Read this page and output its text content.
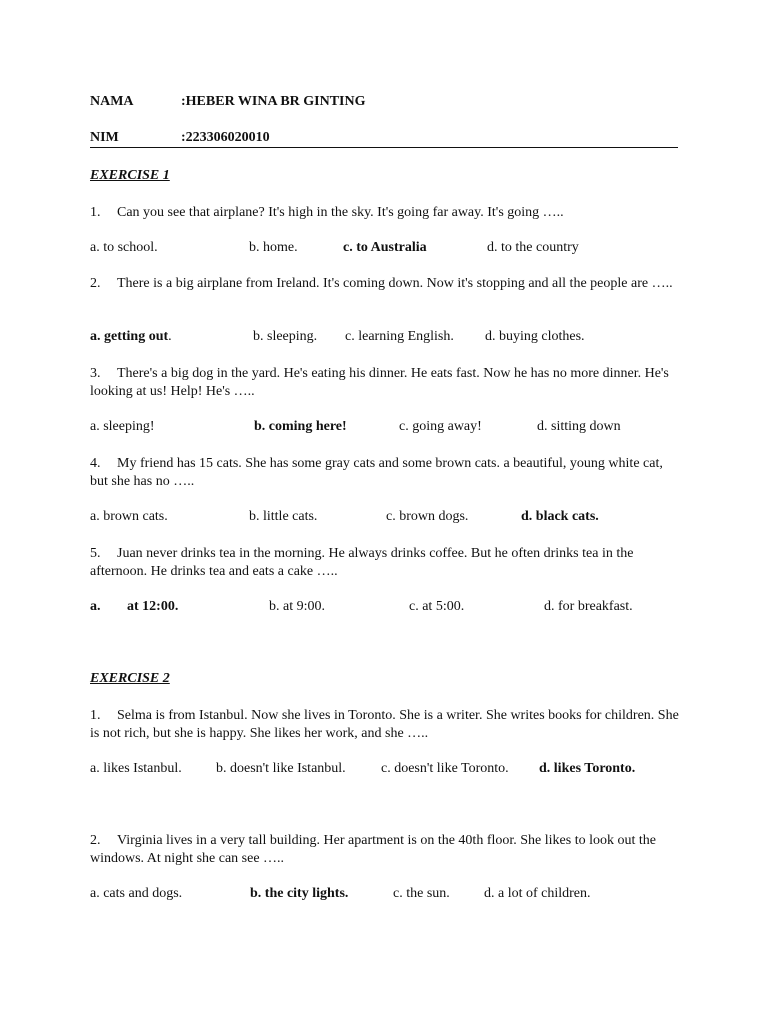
NAMA	:HEBER WINA BR GINTING
NIM	:223306020010
EXERCISE 1
1. Can you see that airplane? It's high in the sky. It's going far away. It's going …..
a. to school.	b. home.	c. to Australia	d. to the country
2. There is a big airplane from Ireland. It's coming down. Now it's stopping and all the people are …..
a. getting out.	b. sleeping. c. learning English. d. buying clothes.
3. There's a big dog in the yard. He's eating his dinner. He eats fast. Now he has no more dinner. He's looking at us! Help! He's …..
a. sleeping!	b. coming here!	c. going away!	d. sitting down
4. My friend has 15 cats. She has some gray cats and some brown cats. a beautiful, young white cat, but she has no …..
a. brown cats.	b. little cats.	c. brown dogs.	d. black cats.
5. Juan never drinks tea in the morning. He always drinks coffee. But he often drinks tea in the afternoon. He drinks tea and eats a cake …..
a. at 12:00.	b. at 9:00.	c. at 5:00.	d. for breakfast.
EXERCISE 2
1. Selma is from Istanbul. Now she lives in Toronto. She is a writer. She writes books for children. She is not rich, but she is happy. She likes her work, and she …..
a. likes Istanbul. b. doesn't like Istanbul.	c. doesn't like Toronto. d. likes Toronto.
2. Virginia lives in a very tall building. Her apartment is on the 40th floor. She likes to look out the windows. At night she can see …..
a. cats and dogs.	b. the city lights.	c. the sun. d. a lot of children.
